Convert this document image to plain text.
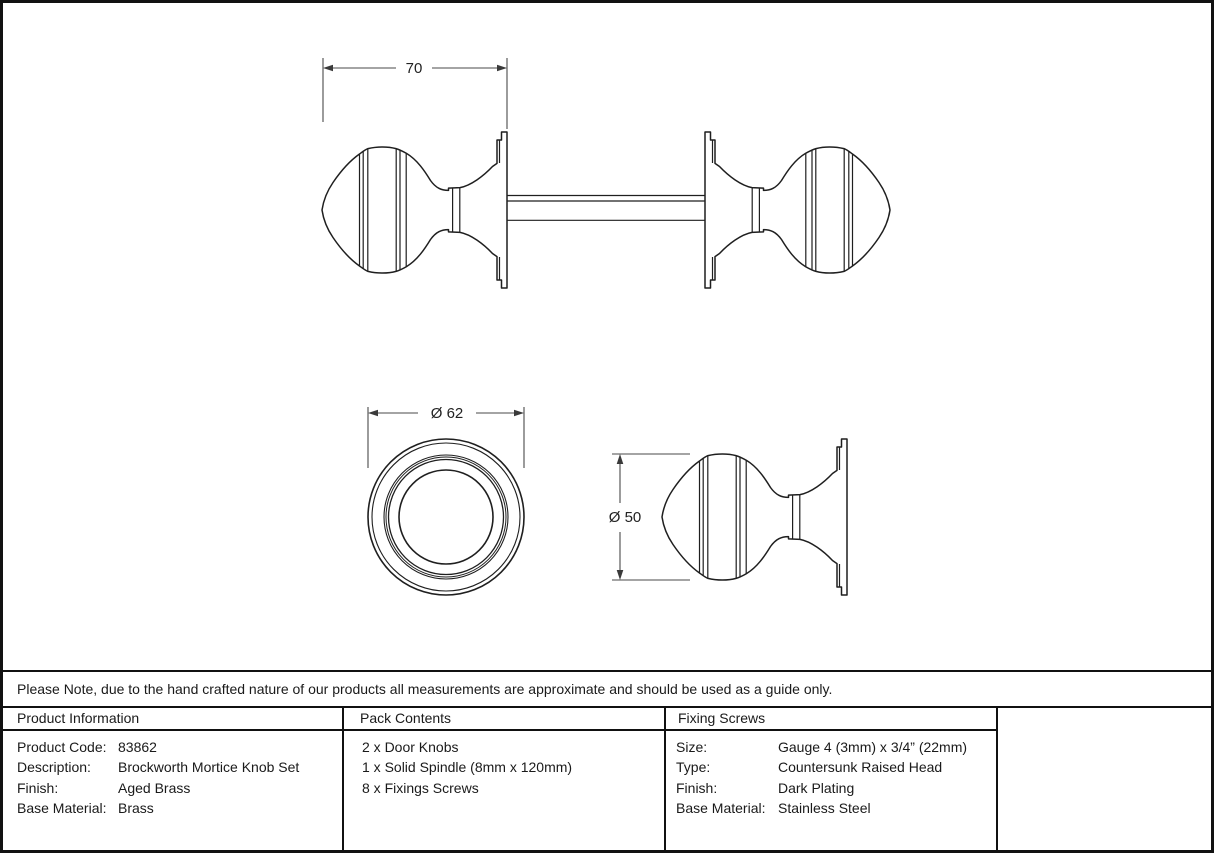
70
Ø 62
Ø 50
Please Note, due to the hand crafted nature of our products all measurements are approximate and should be used as a guide only.
Product Information	Pack Contents	Fixing Screws
Product Code: 83862
Description:	Brockworth Mortice Knob Set
Finish:	Aged Brass
Base Material: Brass
2 x Door Knobs
1 x Solid Spindle (8mm x 120mm)
8 x Fixings Screws
Size:	Gauge 4 (3mm) x 3/4” (22mm)
Type:	Countersunk Raised Head
Finish:	Dark Plating
Base Material: Stainless Steel
